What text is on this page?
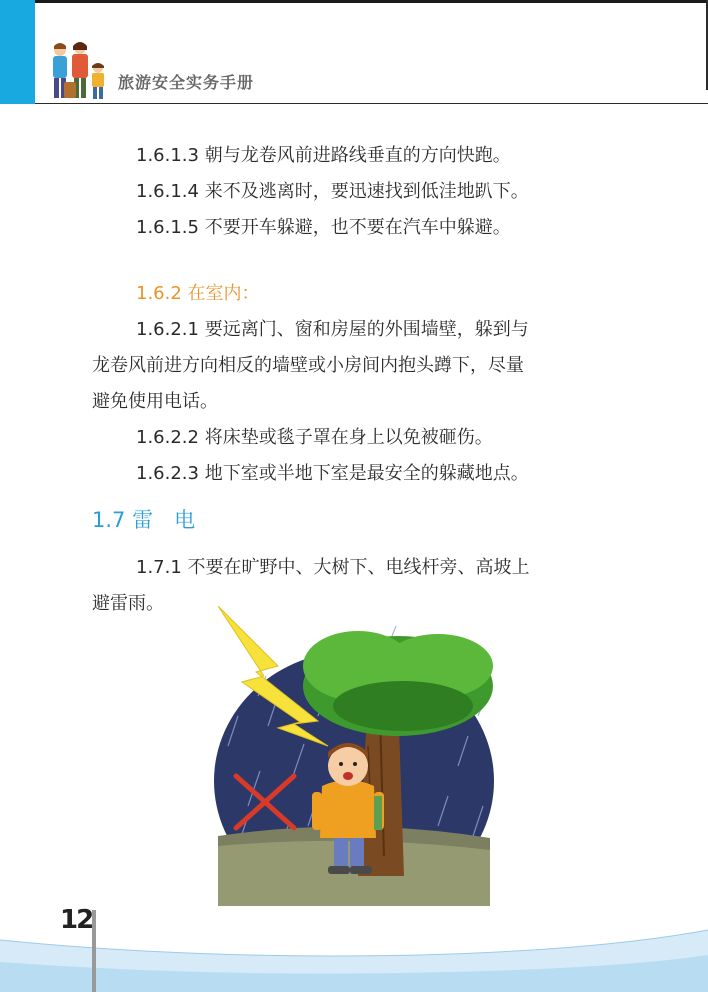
旅游安全实务手册
1.6.1.3 朝与龙卷风前进路线垂直的方向快跑。
1.6.1.4 来不及逃离时，要迅速找到低洼地趴下。
1.6.1.5 不要开车躲避，也不要在汽车中躲避。
1.6.2 在室内：
1.6.2.1 要远离门、窗和房屋的外围墙壁，躲到与
龙卷风前进方向相反的墙壁或小房间内抱头蹲下，尽量
避免使用电话。
1.6.2.2 将床垫或毯子罩在身上以免被砸伤。
1.6.2.3 地下室或半地下室是最安全的躲藏地点。
1.7 雷　电
1.7.1 不要在旷野中、大树下、电线杆旁、高坡上
避雷雨。
12
